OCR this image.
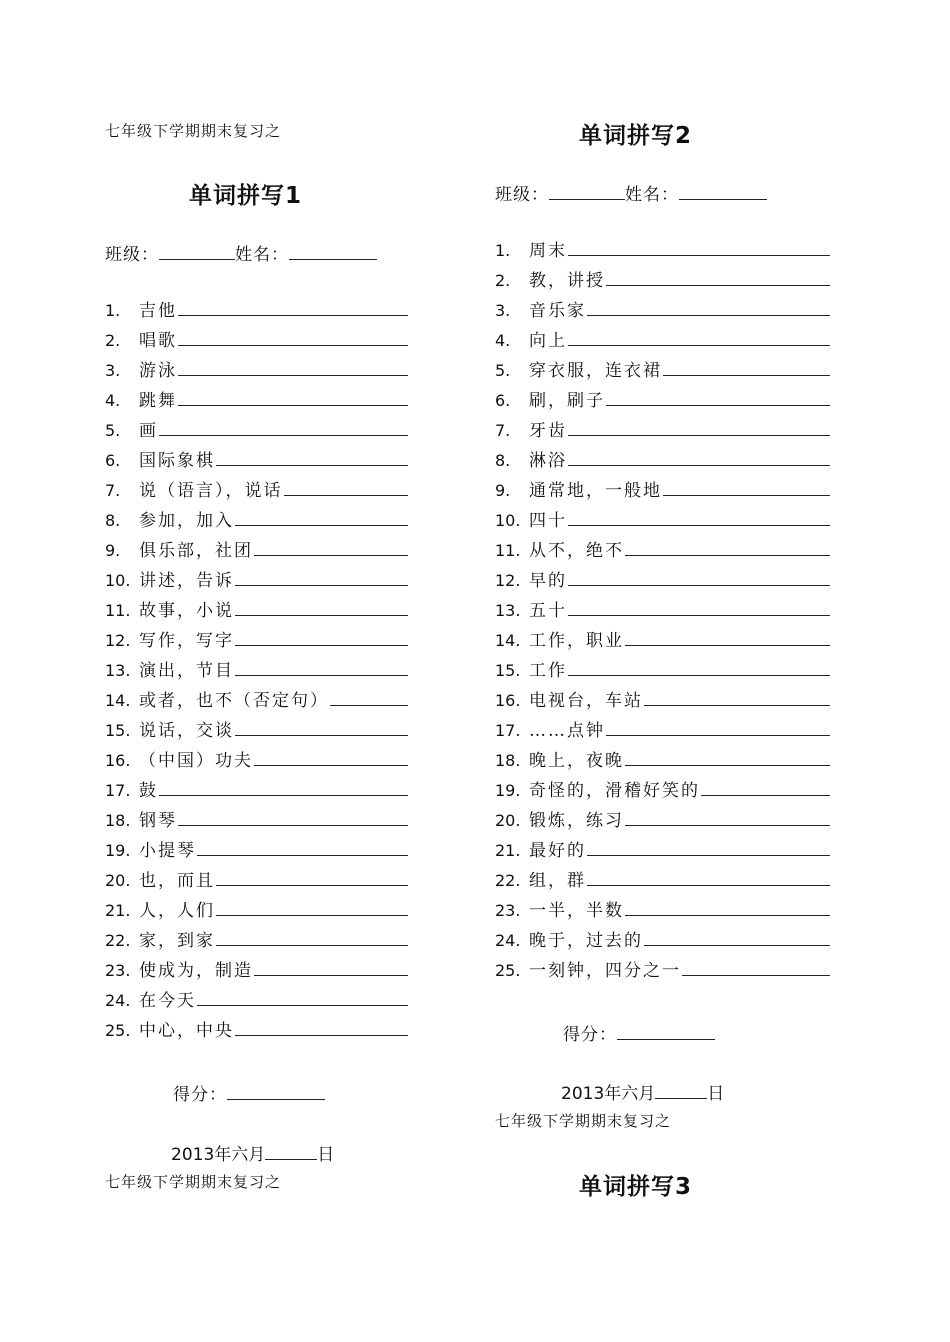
七年级下学期期末复习之
单词拼写1
班级：	姓名：
1.	吉他
2.	唱歌
3.	游泳
4.	跳舞
5.	画
6.	国际象棋
7.	说（语言），说话
8.	参加，加入
9.	俱乐部，社团
10. 讲述，告诉
11. 故事，小说
12. 写作，写字
13. 演出，节目
14. 或者，也不（否定句）
15. 说话，交谈
16. （中国）功夫
17. 鼓
18. 钢琴
19. 小提琴
20. 也，而且
21. 人，人们
22. 家，到家
23. 使成为，制造
24. 在今天
25. 中心，中央
得分：
2013年六月	日
七年级下学期期末复习之
单词拼写2
班级：	姓名：
1.	周末
2.	教，讲授
3.	音乐家
4.	向上
5.	穿衣服，连衣裙
6.	刷，刷子
7.	牙齿
8.	淋浴
9.	通常地，一般地
10. 四十
11. 从不，绝不
12. 早的
13. 五十
14. 工作，职业
15. 工作
16. 电视台，车站
17. ……点钟
18. 晚上，夜晚
19. 奇怪的，滑稽好笑的
20. 锻炼，练习
21. 最好的
22. 组，群
23. 一半，半数
24. 晚于，过去的
25. 一刻钟，四分之一
得分：
2013年六月	日
七年级下学期期末复习之
单词拼写3
